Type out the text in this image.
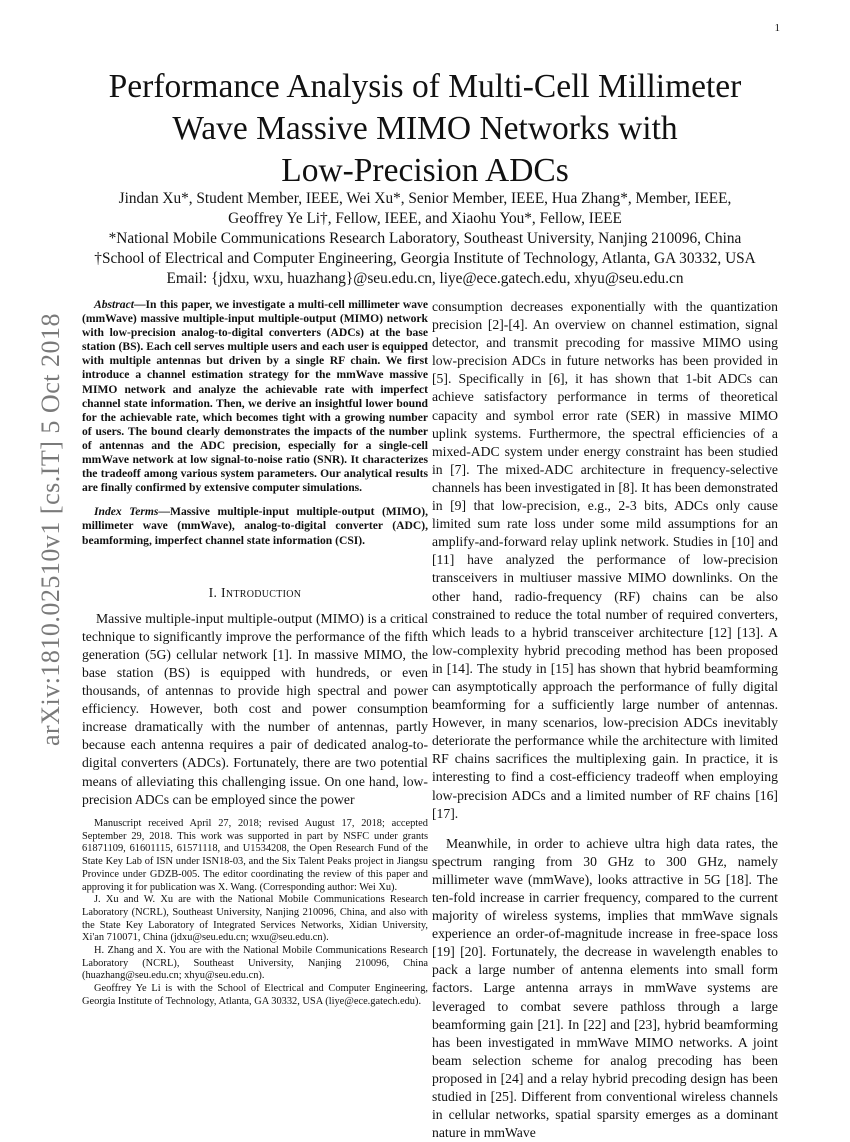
1
arXiv:1810.02510v1 [cs.IT] 5 Oct 2018
Performance Analysis of Multi-Cell Millimeter
Wave Massive MIMO Networks with
Low-Precision ADCs
Jindan Xu*, Student Member, IEEE, Wei Xu*, Senior Member, IEEE, Hua Zhang*, Member, IEEE,
Geoffrey Ye Li†, Fellow, IEEE, and Xiaohu You*, Fellow, IEEE
*National Mobile Communications Research Laboratory, Southeast University, Nanjing 210096, China
†School of Electrical and Computer Engineering, Georgia Institute of Technology, Atlanta, GA 30332, USA
Email: {jdxu, wxu, huazhang}@seu.edu.cn, liye@ece.gatech.edu, xhyu@seu.edu.cn

Abstract—In this paper, we investigate a multi-cell millimeter wave (mmWave) massive multiple-input multiple-output (MIMO) network with low-precision analog-to-digital converters (ADCs) at the base station (BS). Each cell serves multiple users and each user is equipped with multiple antennas but driven by a single RF chain. We first introduce a channel estimation strategy for the mmWave massive MIMO network and analyze the achievable rate with imperfect channel state information. Then, we derive an insightful lower bound for the achievable rate, which becomes tight with a growing number of users. The bound clearly demonstrates the impacts of the number of antennas and the ADC precision, especially for a single-cell mmWave network at low signal-to-noise ratio (SNR). It characterizes the tradeoff among various system parameters. Our analytical results are finally confirmed by extensive computer simulations.

Index Terms—Massive multiple-input multiple-output (MIMO), millimeter wave (mmWave), analog-to-digital converter (ADC), beamforming, imperfect channel state information (CSI).

I. Introduction

Massive multiple-input multiple-output (MIMO) is a critical technique to significantly improve the performance of the fifth generation (5G) cellular network [1]. In massive MIMO, the base station (BS) is equipped with hundreds, or even thousands, of antennas to provide high spectral and power efficiency. However, both cost and power consumption increase dramatically with the number of antennas, partly because each antenna requires a pair of dedicated analog-to-digital converters (ADCs). Fortunately, there are two potential means of alleviating this challenging issue. On one hand, low-precision ADCs can be employed since the power

Manuscript received April 27, 2018; revised August 17, 2018; accepted September 29, 2018. This work was supported in part by NSFC under grants 61871109, 61601115, 61571118, and U1534208, the Open Research Fund of the State Key Lab of ISN under ISN18-03, and the Six Talent Peaks project in Jiangsu Province under GDZB-005. The editor coordinating the review of this paper and approving it for publication was X. Wang. (Corresponding author: Wei Xu).

J. Xu and W. Xu are with the National Mobile Communications Research Laboratory (NCRL), Southeast University, Nanjing 210096, China, and also with the State Key Laboratory of Integrated Services Networks, Xidian University, Xi'an 710071, China (jdxu@seu.edu.cn; wxu@seu.edu.cn).

H. Zhang and X. You are with the National Mobile Communications Research Laboratory (NCRL), Southeast University, Nanjing 210096, China (huazhang@seu.edu.cn; xhyu@seu.edu.cn).

Geoffrey Ye Li is with the School of Electrical and Computer Engineering, Georgia Institute of Technology, Atlanta, GA 30332, USA (liye@ece.gatech.edu).

consumption decreases exponentially with the quantization precision [2]-[4]. An overview on channel estimation, signal detector, and transmit precoding for massive MIMO using low-precision ADCs in future networks has been provided in [5]. Specifically in [6], it has shown that 1-bit ADCs can achieve satisfactory performance in terms of theoretical capacity and symbol error rate (SER) in massive MIMO uplink systems. Furthermore, the spectral efficiencies of a mixed-ADC system under energy constraint has been studied in [7]. The mixed-ADC architecture in frequency-selective channels has been investigated in [8]. It has been demonstrated in [9] that low-precision, e.g., 2-3 bits, ADCs only cause limited sum rate loss under some mild assumptions for an amplify-and-forward relay uplink network. Studies in [10] and [11] have analyzed the performance of low-precision transceivers in multiuser massive MIMO downlinks. On the other hand, radio-frequency (RF) chains can be also constrained to reduce the total number of required converters, which leads to a hybrid transceiver architecture [12] [13]. A low-complexity hybrid precoding method has been proposed in [14]. The study in [15] has shown that hybrid beamforming can asymptotically approach the performance of fully digital beamforming for a sufficiently large number of antennas. However, in many scenarios, low-precision ADCs inevitably deteriorate the performance while the architecture with limited RF chains sacrifices the multiplexing gain. In practice, it is interesting to find a cost-efficiency tradeoff when employing low-precision ADCs and a limited number of RF chains [16] [17].

Meanwhile, in order to achieve ultra high data rates, the spectrum ranging from 30 GHz to 300 GHz, namely millimeter wave (mmWave), looks attractive in 5G [18]. The ten-fold increase in carrier frequency, compared to the current majority of wireless systems, implies that mmWave signals experience an order-of-magnitude increase in free-space loss [19] [20]. Fortunately, the decrease in wavelength enables to pack a large number of antenna elements into small form factors. Large antenna arrays in mmWave systems are leveraged to combat severe pathloss through a large beamforming gain [21]. In [22] and [23], hybrid beamforming has been investigated in mmWave MIMO networks. A joint beam selection scheme for analog precoding has been proposed in [24] and a relay hybrid precoding design has been studied in [25]. Different from conventional wireless channels in cellular networks, spatial sparsity emerges as a dominant nature in mmWave
